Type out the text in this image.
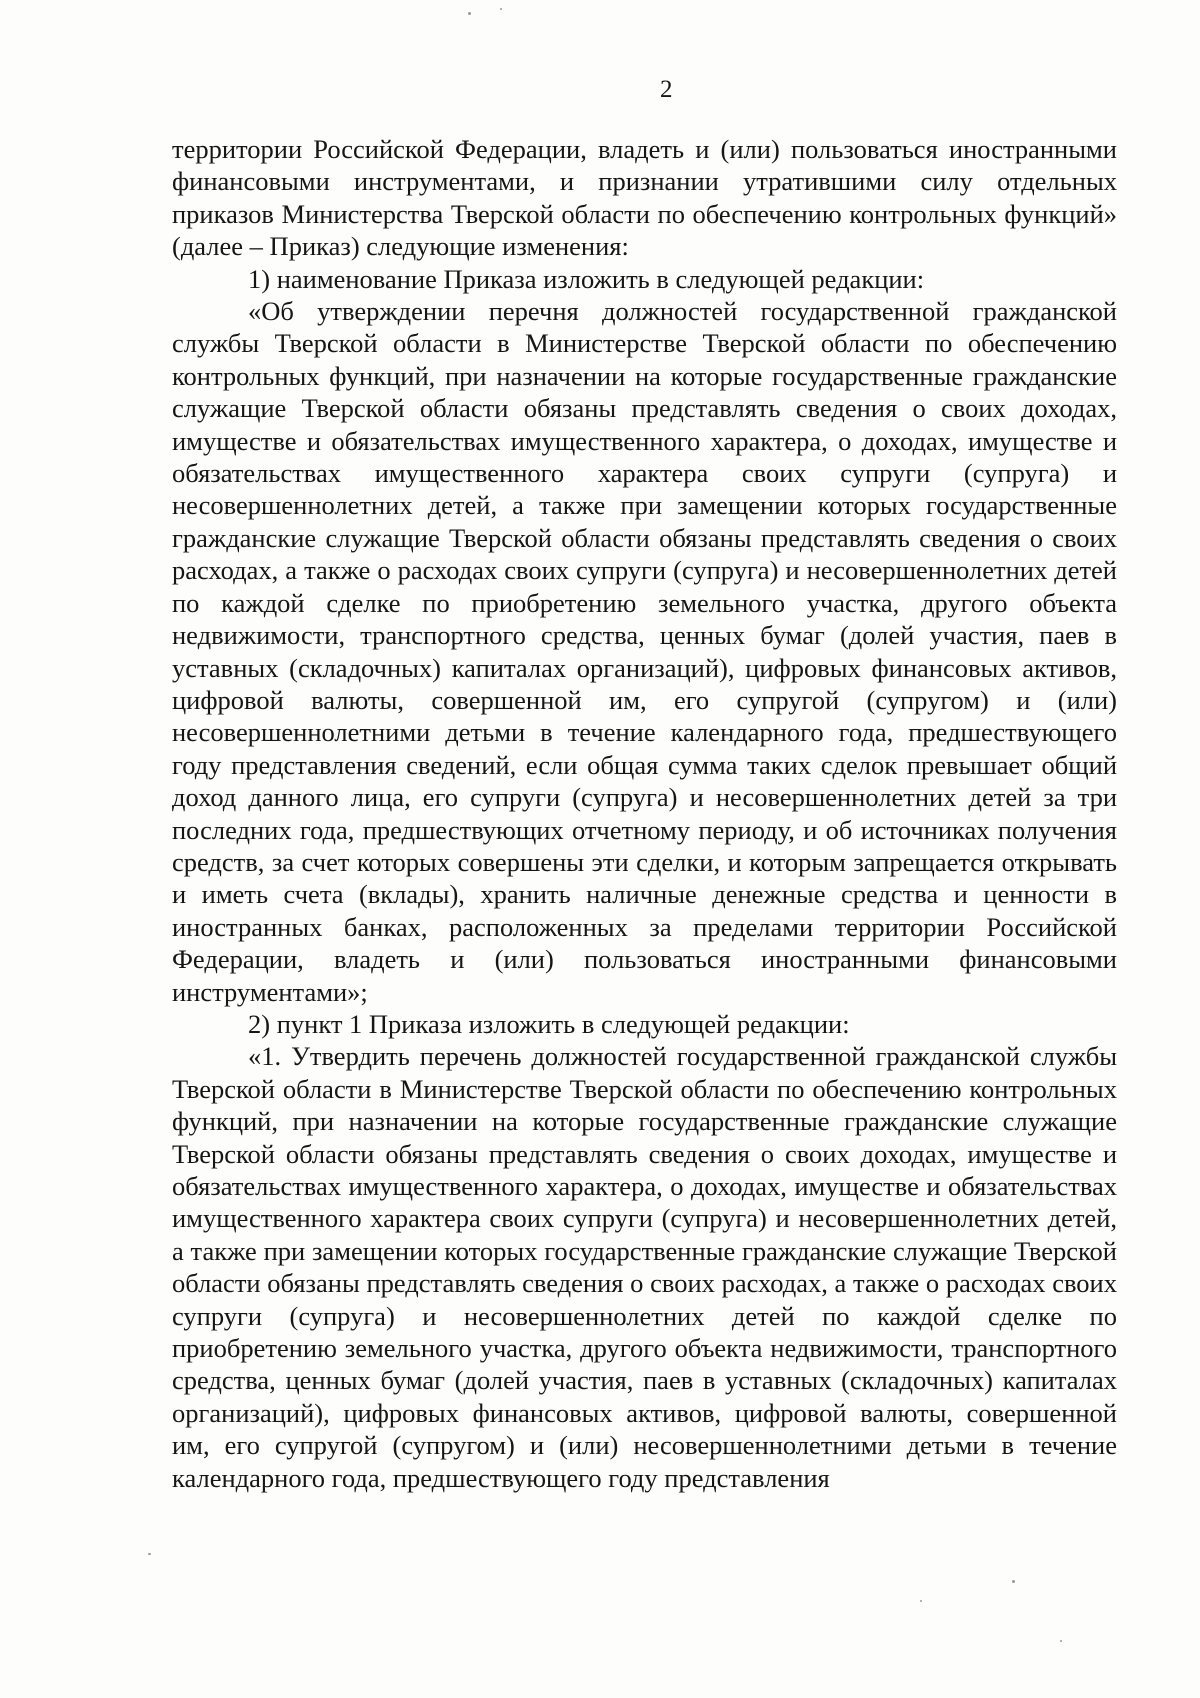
2

территории Российской Федерации, владеть и (или) пользоваться иностранными финансовыми инструментами, и признании утратившими силу отдельных приказов Министерства Тверской области по обеспечению контрольных функций» (далее – Приказ) следующие изменения:

1) наименование Приказа изложить в следующей редакции:

«Об утверждении перечня должностей государственной гражданской службы Тверской области в Министерстве Тверской области по обеспечению контрольных функций, при назначении на которые государственные гражданские служащие Тверской области обязаны представлять сведения о своих доходах, имуществе и обязательствах имущественного характера, о доходах, имуществе и обязательствах имущественного характера своих супруги (супруга) и несовершеннолетних детей, а также при замещении которых государственные гражданские служащие Тверской области обязаны представлять сведения о своих расходах, а также о расходах своих супруги (супруга) и несовершеннолетних детей по каждой сделке по приобретению земельного участка, другого объекта недвижимости, транспортного средства, ценных бумаг (долей участия, паев в уставных (складочных) капиталах организаций), цифровых финансовых активов, цифровой валюты, совершенной им, его супругой (супругом) и (или) несовершеннолетними детьми в течение календарного года, предшествующего году представления сведений, если общая сумма таких сделок превышает общий доход данного лица, его супруги (супруга) и несовершеннолетних детей за три последних года, предшествующих отчетному периоду, и об источниках получения средств, за счет которых совершены эти сделки, и которым запрещается открывать и иметь счета (вклады), хранить наличные денежные средства и ценности в иностранных банках, расположенных за пределами территории Российской Федерации, владеть и (или) пользоваться иностранными финансовыми инструментами»;

2) пункт 1 Приказа изложить в следующей редакции:

«1. Утвердить перечень должностей государственной гражданской службы Тверской области в Министерстве Тверской области по обеспечению контрольных функций, при назначении на которые государственные гражданские служащие Тверской области обязаны представлять сведения о своих доходах, имуществе и обязательствах имущественного характера, о доходах, имуществе и обязательствах имущественного характера своих супруги (супруга) и несовершеннолетних детей, а также при замещении которых государственные гражданские служащие Тверской области обязаны представлять сведения о своих расходах, а также о расходах своих супруги (супруга) и несовершеннолетних детей по каждой сделке по приобретению земельного участка, другого объекта недвижимости, транспортного средства, ценных бумаг (долей участия, паев в уставных (складочных) капиталах организаций), цифровых финансовых активов, цифровой валюты, совершенной им, его супругой (супругом) и (или) несовершеннолетними детьми в течение календарного года, предшествующего году представления
